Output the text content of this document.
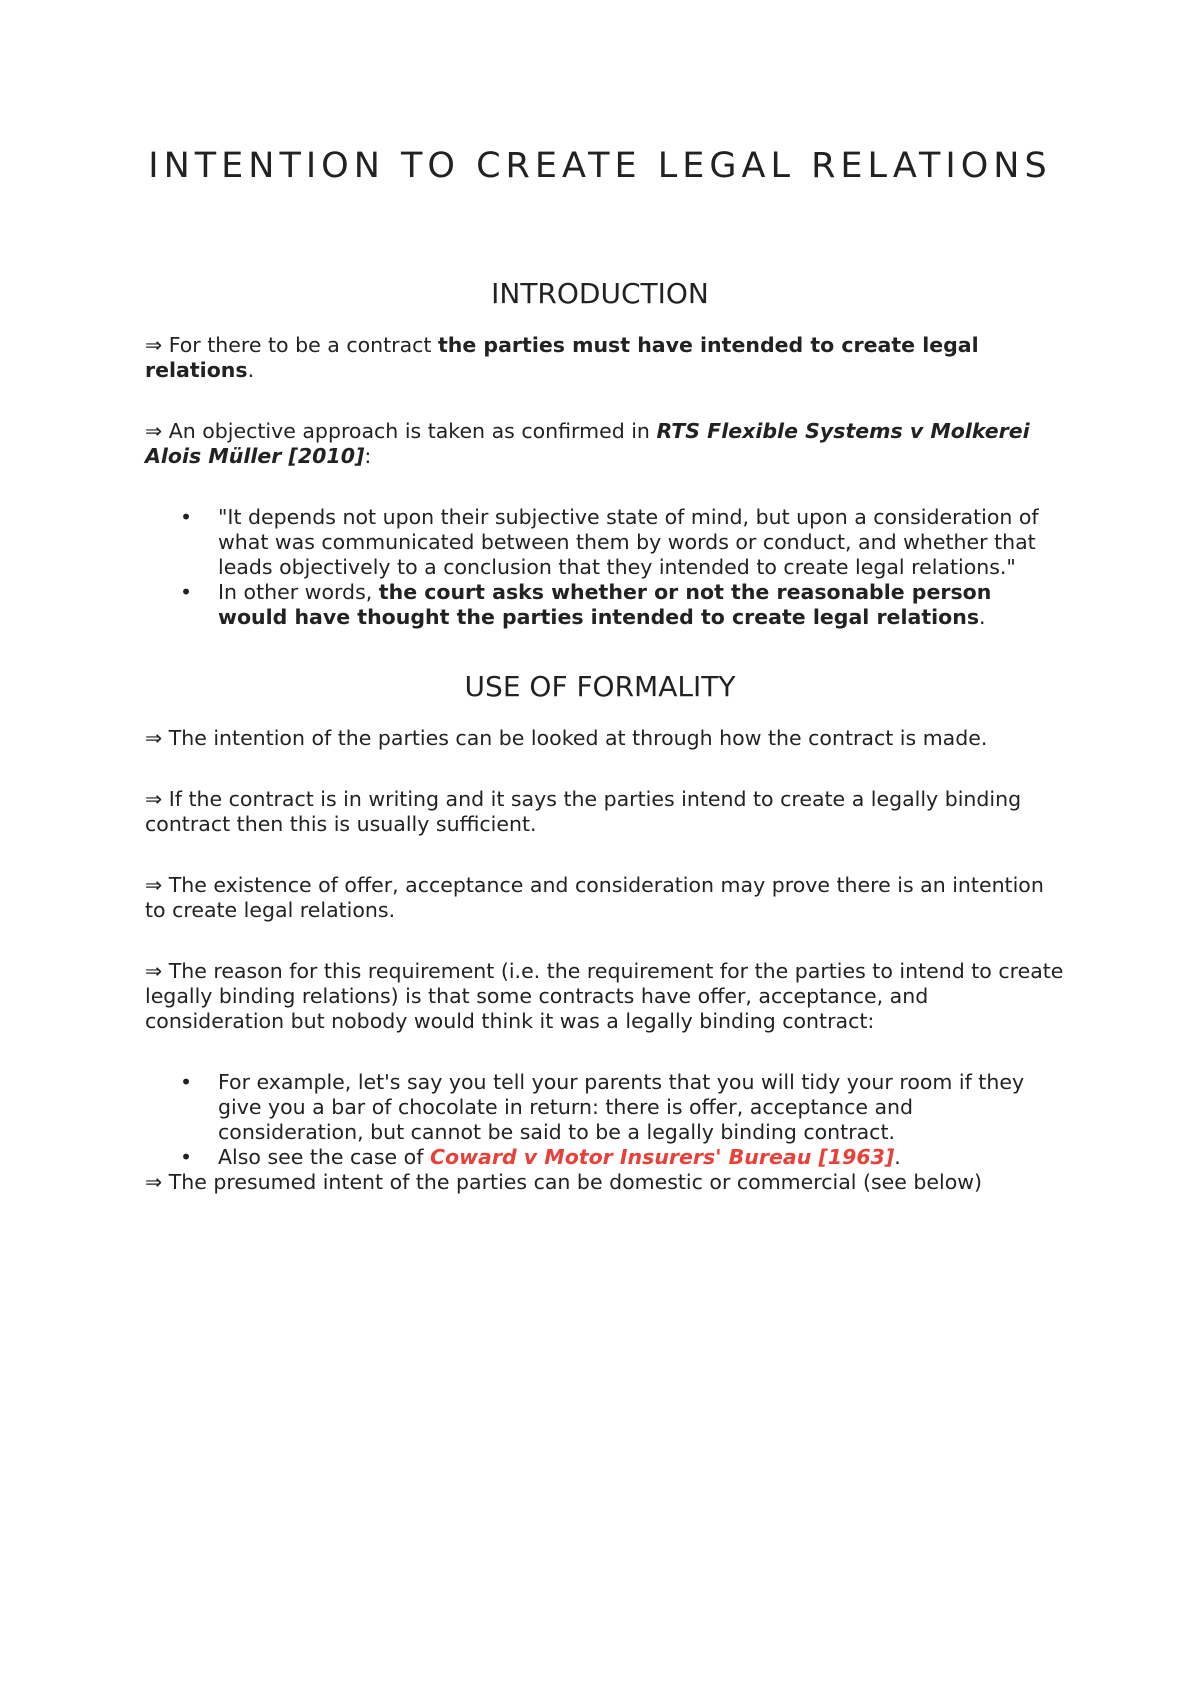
INTENTION TO CREATE LEGAL RELATIONS
INTRODUCTION

⇒ For there to be a contract the parties must have intended to create legal relations.

⇒ An objective approach is taken as confirmed in RTS Flexible Systems v Molkerei Alois Müller [2010]:

• "It depends not upon their subjective state of mind, but upon a consideration of what was communicated between them by words or conduct, and whether that leads objectively to a conclusion that they intended to create legal relations."
• In other words, the court asks whether or not the reasonable person would have thought the parties intended to create legal relations.
USE OF FORMALITY

⇒ The intention of the parties can be looked at through how the contract is made.

⇒ If the contract is in writing and it says the parties intend to create a legally binding contract then this is usually sufficient.

⇒ The existence of offer, acceptance and consideration may prove there is an intention to create legal relations.

⇒ The reason for this requirement (i.e. the requirement for the parties to intend to create legally binding relations) is that some contracts have offer, acceptance, and consideration but nobody would think it was a legally binding contract:

• For example, let's say you tell your parents that you will tidy your room if they give you a bar of chocolate in return: there is offer, acceptance and consideration, but cannot be said to be a legally binding contract.
• Also see the case of Coward v Motor Insurers' Bureau [1963].

⇒ The presumed intent of the parties can be domestic or commercial (see below)
